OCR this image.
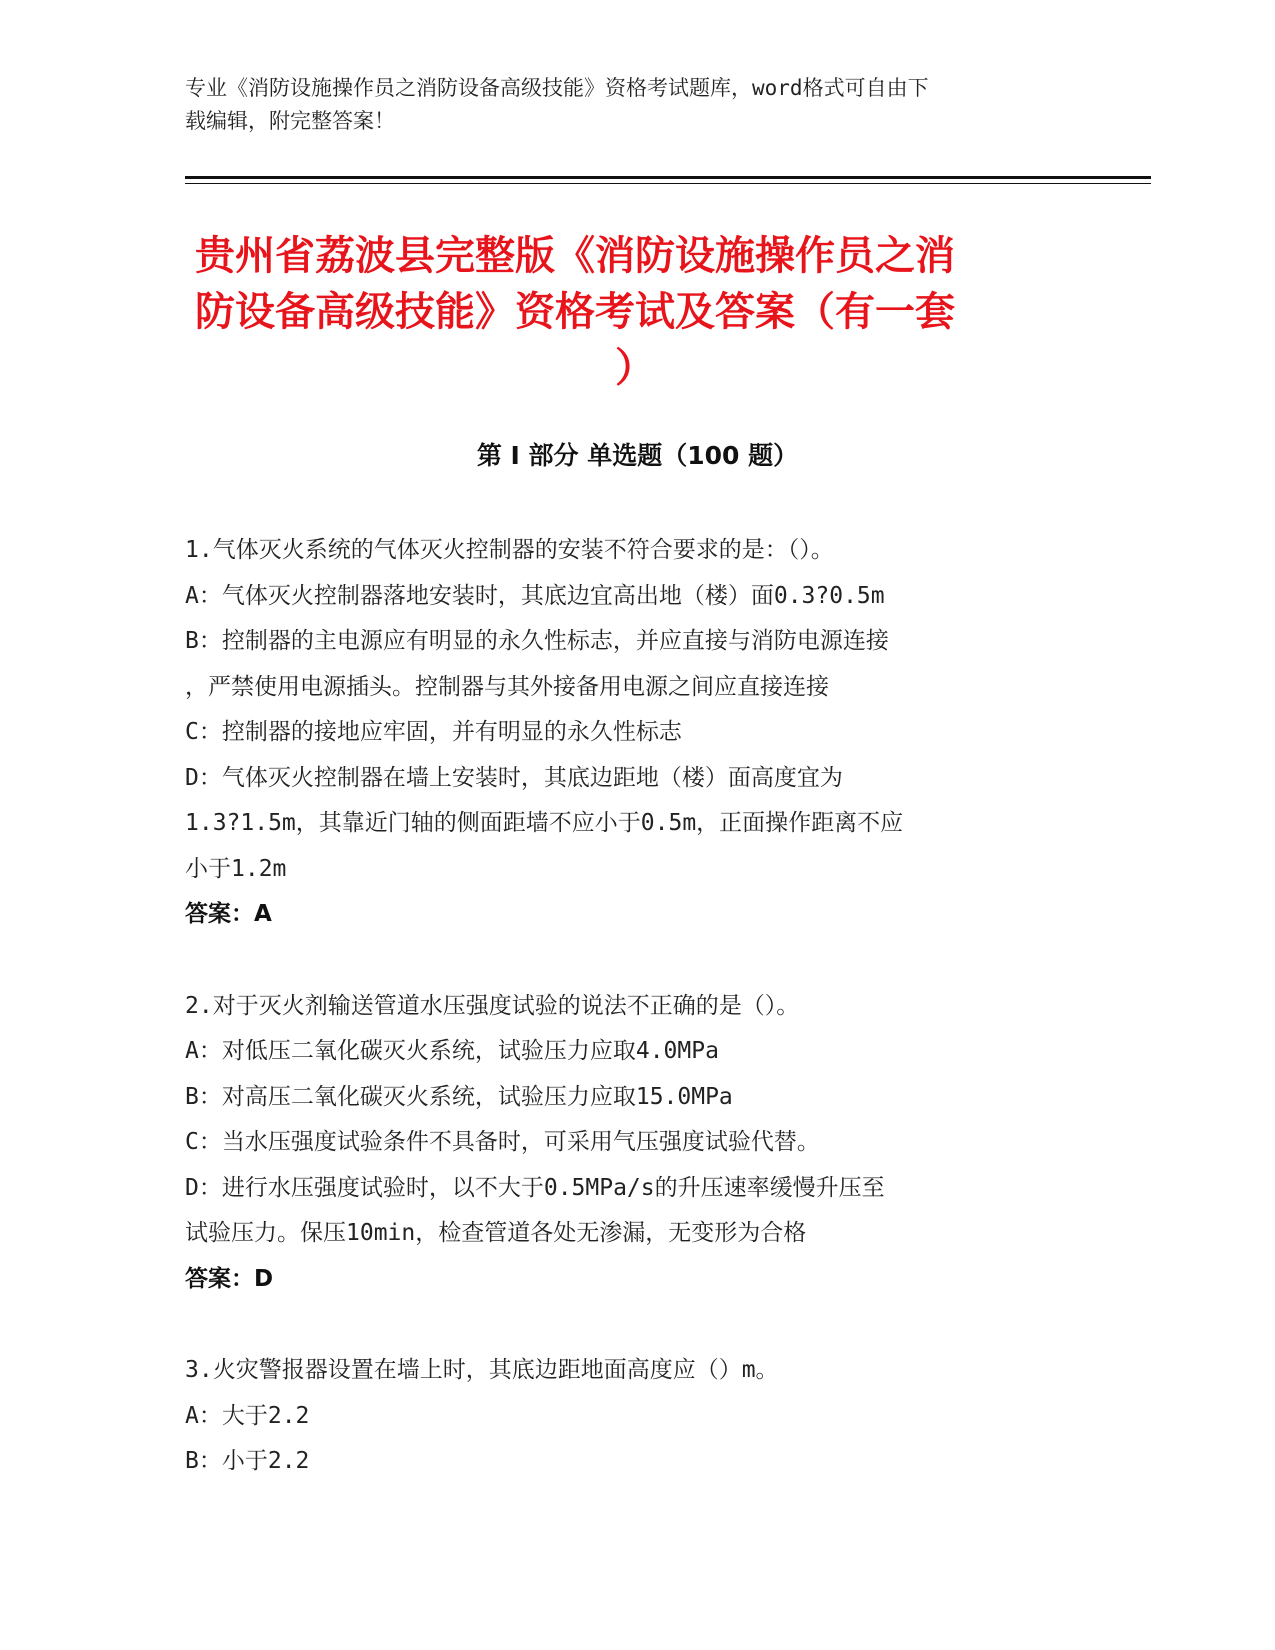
专业《消防设施操作员之消防设备高级技能》资格考试题库，word格式可自由下
载编辑，附完整答案！
贵州省荔波县完整版《消防设施操作员之消
防设备高级技能》资格考试及答案（有一套
）
第 I 部分 单选题（100 题）
1.气体灭火系统的气体灭火控制器的安装不符合要求的是：（）。
A：气体灭火控制器落地安装时，其底边宜高出地（楼）面0.3?0.5m
B：控制器的主电源应有明显的永久性标志，并应直接与消防电源连接
，严禁使用电源插头。控制器与其外接备用电源之间应直接连接
C：控制器的接地应牢固，并有明显的永久性标志
D：气体灭火控制器在墙上安装时，其底边距地（楼）面高度宜为
1.3?1.5m，其靠近门轴的侧面距墙不应小于0.5m，正面操作距离不应
小于1.2m
答案：A
2.对于灭火剂输送管道水压强度试验的说法不正确的是（）。
A：对低压二氧化碳灭火系统，试验压力应取4.0MPa
B：对高压二氧化碳灭火系统，试验压力应取15.0MPa
C：当水压强度试验条件不具备时，可采用气压强度试验代替。
D：进行水压强度试验时，以不大于0.5MPa/s的升压速率缓慢升压至
试验压力。保压10min，检查管道各处无渗漏，无变形为合格
答案：D
3.火灾警报器设置在墙上时，其底边距地面高度应（）m。
A：大于2.2
B：小于2.2
